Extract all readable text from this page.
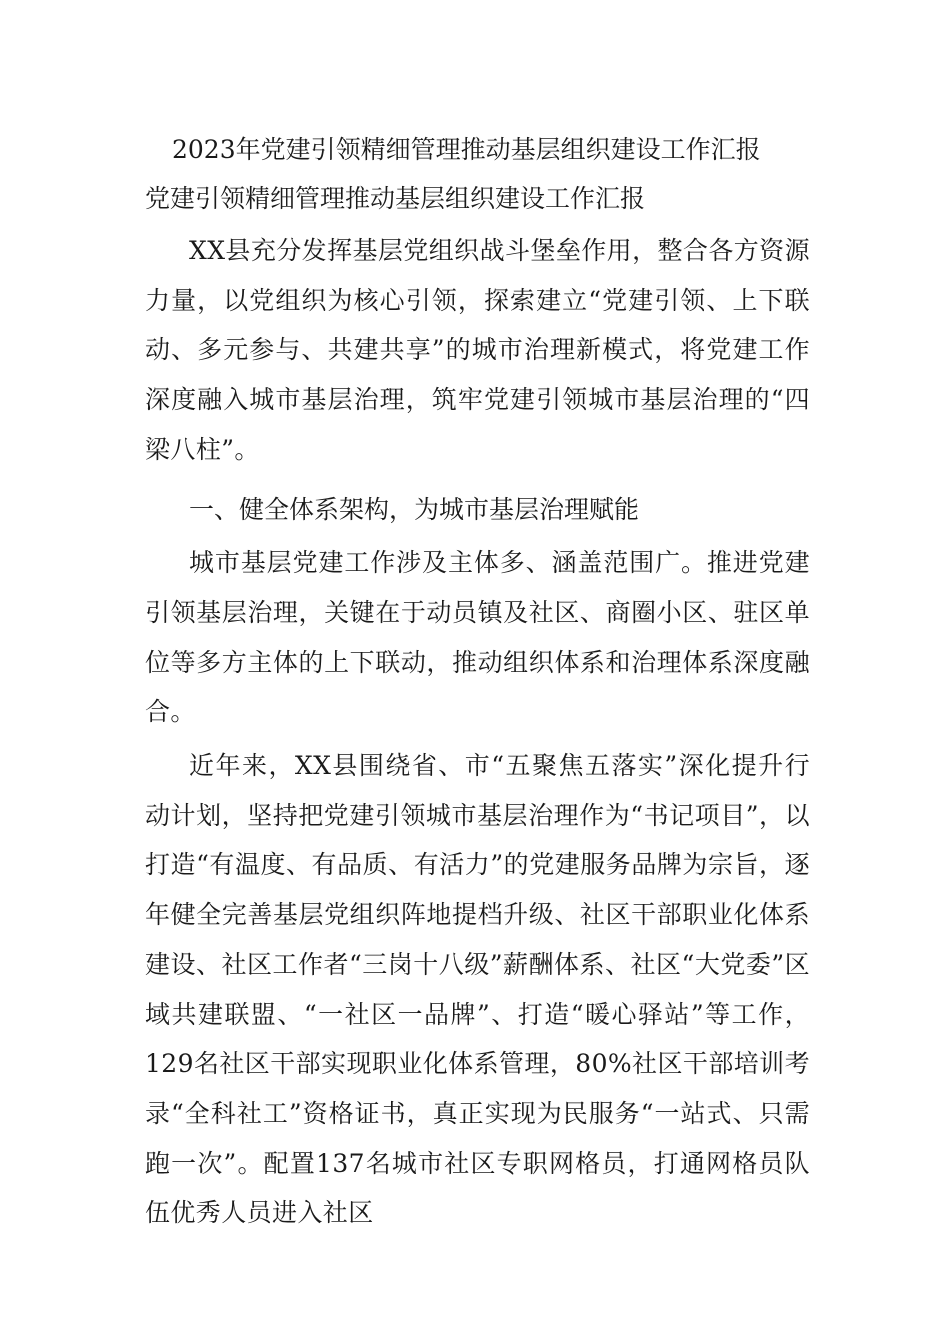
2023年党建引领精细管理推动基层组织建设工作汇报
党建引领精细管理推动基层组织建设工作汇报

XX县充分发挥基层党组织战斗堡垒作用，整合各方资源力量，以党组织为核心引领，探索建立“党建引领、上下联动、多元参与、共建共享”的城市治理新模式，将党建工作深度融入城市基层治理，筑牢党建引领城市基层治理的“四梁八柱”。

一、健全体系架构，为城市基层治理赋能

城市基层党建工作涉及主体多、涵盖范围广。推进党建引领基层治理，关键在于动员镇及社区、商圈小区、驻区单位等多方主体的上下联动，推动组织体系和治理体系深度融合。

近年来，XX县围绕省、市“五聚焦五落实”深化提升行动计划，坚持把党建引领城市基层治理作为“书记项目”，以打造“有温度、有品质、有活力”的党建服务品牌为宗旨，逐年健全完善基层党组织阵地提档升级、社区干部职业化体系建设、社区工作者“三岗十八级”薪酬体系、社区“大党委”区域共建联盟、“一社区一品牌”、打造“暖心驿站”等工作，129名社区干部实现职业化体系管理，80%社区干部培训考录“全科社工”资格证书，真正实现为民服务“一站式、只需跑一次”。配置137名城市社区专职网格员，打通网格员队伍优秀人员进入社区
